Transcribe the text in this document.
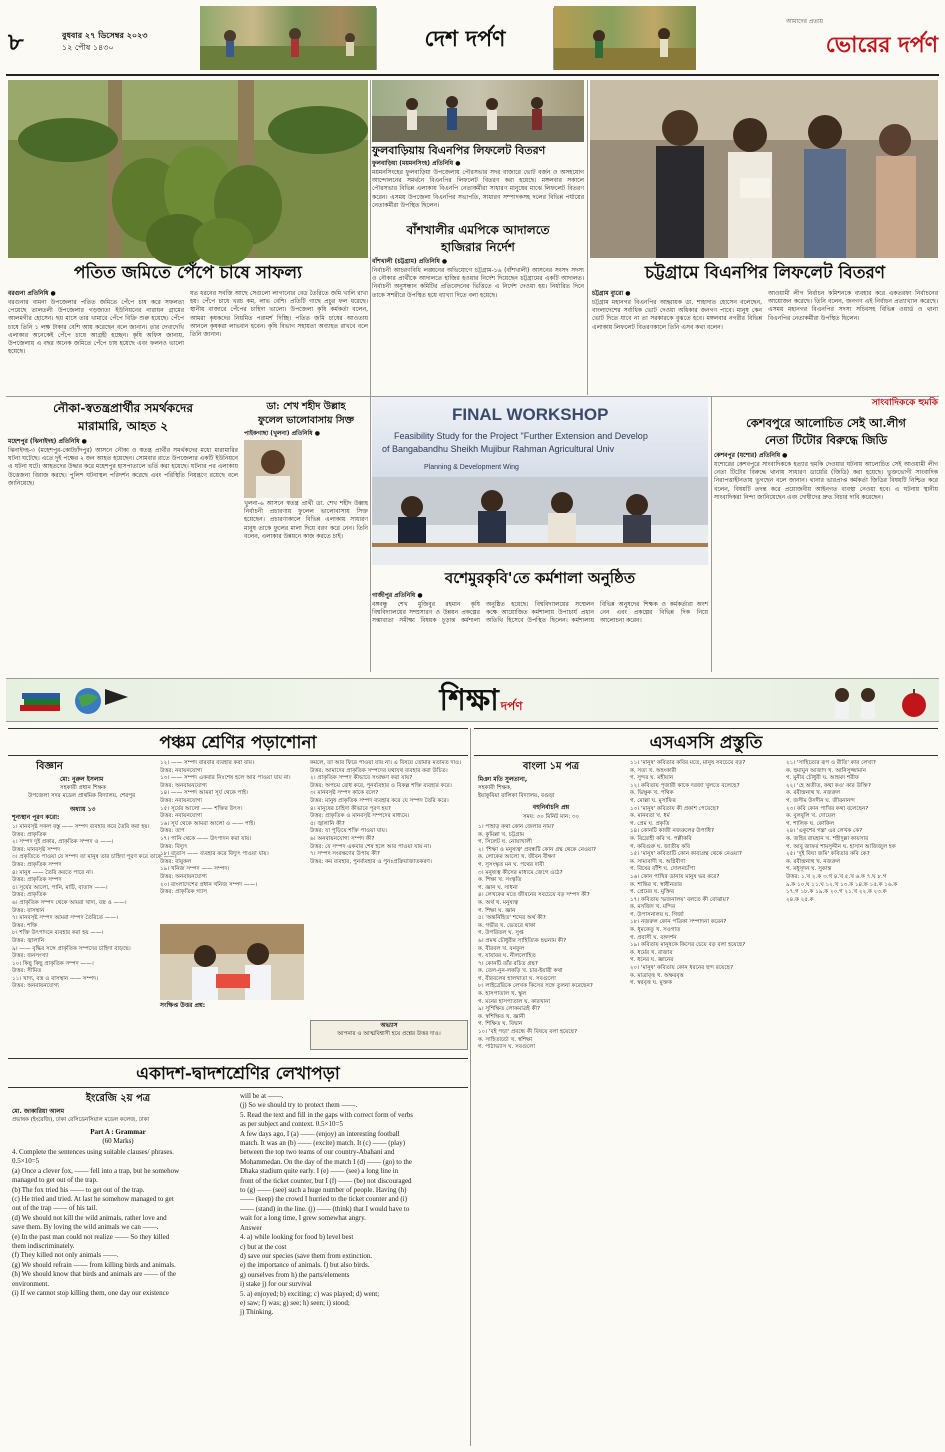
৮	বুধবার ২৭ ডিসেম্বর ২০২৩
১২ পৌষ ১৪৩০	দেশ দর্পণ
আমাদের প্রত্যয়
ভোরের দর্পণ
ফুলবাড়িয়ায় বিএনপির লিফলেট বিতরণ
ফুলবাড়িয়া (ময়মনসিংহ) প্রতিনিধি ●
ময়মনসিংহের ফুলবাড়িয়া উপজেলায় পৌরসভার সদর বাজারে ভোট বর্জন ও অসহযোগ আন্দোলনের সমর্থনে বিএনপির লিফলেট বিতরণ করা হয়েছে। মঙ্গলবার সকালে পৌরসভার বিভিন্ন এলাকায় বিএনপি নেতাকর্মীরা সাধারণ মানুষের মাঝে লিফলেট বিতরণ করেন। এসময় উপজেলা বিএনপির সভাপতি, সাধারণ সম্পাদকসহ দলের বিভিন্ন পর্যায়ের নেতাকর্মীরা উপস্থিত ছিলেন।
বাঁশখালীর এমপিকে আদালতে
হাজিরার নির্দেশ
বাঁশখালী (চট্টগ্রাম) প্রতিনিধি ●
নির্বাচনী আচরণবিধি লঙ্ঘনের অভিযোগে চট্টগ্রাম-১৬ (বাঁশখালী) আসনের সংসদ সদস্য ও নৌকার প্রার্থীকে আদালতে হাজির হওয়ার নির্দেশ দিয়েছেন চট্টগ্রামের একটি আদালত। নির্বাচনী অনুসন্ধান কমিটির প্রতিবেদনের ভিত্তিতে এ নির্দেশ দেওয়া হয়। নির্ধারিত দিনে তাকে সশরীরে উপস্থিত হয়ে ব্যাখ্যা দিতে বলা হয়েছে।
চট্টগ্রামে বিএনপির লিফলেট বিতরণ
চট্টগ্রাম ব্যুরো ●
চট্টগ্রাম মহানগর বিএনপির আহ্বায়ক ডা. শাহাদাত হোসেন বলেছেন, বাংলাদেশের সর্বাধিক ভোট দেওয়া অধিকার জনগণ পাবে। মানুষ কেন ভোট দিতে যাবে না তা সরকারকে বুঝতে হবে। মঙ্গলবার নগরীর বিভিন্ন এলাকায় লিফলেট বিতরণকালে তিনি এসব কথা বলেন।
আওয়ামী লীগ নির্বাচন কমিশনকে ব্যবহার করে একতরফা নির্বাচনের আয়োজন করেছে। তিনি বলেন, জনগণ এই নির্বাচন প্রত্যাখ্যান করেছে। এসময় মহানগর বিএনপির সদস্য সচিবসহ বিভিন্ন ওয়ার্ড ও থানা বিএনপির নেতাকর্মীরা উপস্থিত ছিলেন।
পতিত জমিতে পেঁপে চাষে সাফল্য
বরগুনা প্রতিনিধি ●
বরগুনার বামনা উপজেলার পতিত জমিতে পেঁপে চাষ করে সফলতা পেয়েছে তালতলী উপজেলার গড়জাতা ইউনিয়নের নারায়ন গ্রামের আলমগীর হোসেন। ছয় মাসে তার খামারে পেঁপে বিক্রি শুরু হয়েছে। পেঁপে চাষে তিনি ১ লক্ষ টাকার বেশি আয় করেছেন বলে জানান। তার দেখাদেখি এলাকার অনেকেই পেঁপে চাষে আগ্রহী হচ্ছেন। কৃষি অফিস জানায়, উপজেলায় এ বছর অনেক জমিতে পেঁপে চাষ হয়েছে এবং ফলনও ভালো হয়েছে।
যত ধরনের সবজি আছে সেগুলো লাগানোর বেড তৈরিতে জমি খালি রাখা হয়। পেঁপে চাষে খরচ কম, লাভ বেশি। প্রতিটি গাছে প্রচুর ফল ধরেছে। স্থানীয় বাজারে পেঁপের চাহিদা ভালো। উপজেলা কৃষি কর্মকর্তা বলেন, আমরা কৃষকদের নিয়মিত পরামর্শ দিচ্ছি। পতিত জমি চাষের আওতায় আনলে কৃষকরা লাভবান হবেন। কৃষি বিভাগ সহায়তা অব্যাহত রাখবে বলে তিনি জানান।
সাংবাদিককে হুমকি
কেশবপুরে আলোচিত সেই আ.লীগ
নেতা টিটোর বিরুদ্ধে জিডি
কেশবপুর (যশোর) প্রতিনিধি ●
যশোরের কেশবপুরে সাংবাদিককে হত্যার হুমকি দেওয়ার ঘটনায় আলোচিত সেই আওয়ামী লীগ নেতা টিটোর বিরুদ্ধে থানায় সাধারণ ডায়েরি (জিডি) করা হয়েছে। ভুক্তভোগী সাংবাদিক নিরাপত্তাহীনতায় ভুগছেন বলে জানান। থানার ভারপ্রাপ্ত কর্মকর্তা জিডির বিষয়টি নিশ্চিত করে বলেন, বিষয়টি তদন্ত করে প্রয়োজনীয় আইনগত ব্যবস্থা নেওয়া হবে। এ ঘটনায় স্থানীয় সাংবাদিকরা নিন্দা জানিয়েছেন এবং দোষীদের দ্রুত বিচার দাবি করেছেন।
FINAL WORKSHOP
Feasibility Study for the Project "Further Extension and Develop
of Bangabandhu Sheikh Mujibur Rahman Agricultural Univ
Planning & Development Wing
বশেমুরকৃবি'তে কর্মশালা অনুষ্ঠিত
গাজীপুর প্রতিনিধি ●
বঙ্গবন্ধু শেখ মুজিবুর রহমান কৃষি বিশ্ববিদ্যালয়ের সম্প্রসারণ ও উন্নয়ন প্রকল্পের সম্ভাব্যতা সমীক্ষা বিষয়ক চূড়ান্ত কর্মশালা অনুষ্ঠিত হয়েছে। বিশ্ববিদ্যালয়ের সম্মেলন কক্ষে আয়োজিত কর্মশালায় উপাচার্য প্রধান অতিথি হিসেবে উপস্থিত ছিলেন। কর্মশালায় বিভিন্ন অনুষদের শিক্ষক ও কর্মকর্তারা অংশ নেন এবং প্রকল্পের বিভিন্ন দিক নিয়ে আলোচনা করেন।
নৌকা-স্বতন্ত্রপ্রার্থীর সমর্থকদের
মারামারি, আহত ২
মহেশপুর (ঝিনাইদহ) প্রতিনিধি ●
ঝিনাইদহ-৩ (মহেশপুর-কোটচাঁদপুর) আসনে নৌকা ও স্বতন্ত্র প্রার্থীর সমর্থকদের মধ্যে মারামারির ঘটনা ঘটেছে। এতে দুই পক্ষের ২ জন আহত হয়েছেন। সোমবার রাতে উপজেলার একটি ইউনিয়নে এ ঘটনা ঘটে। আহতদের উদ্ধার করে মহেশপুর হাসপাতালে ভর্তি করা হয়েছে। ঘটনার পর এলাকায় উত্তেজনা বিরাজ করছে। পুলিশ ঘটনাস্থল পরিদর্শন করেছে এবং পরিস্থিতি নিয়ন্ত্রণে রয়েছে বলে জানিয়েছে।
ডা: শেখ শহীদ উল্লাহ
ফুলেল ভালোবাসায় সিক্ত
পাইকগাছা (খুলনা) প্রতিনিধি ●
খুলনা-৬ আসনে স্বতন্ত্র প্রার্থী ডা. শেখ শহীদ উল্লাহ নির্বাচনী প্রচারণায় ফুলেল ভালোবাসায় সিক্ত হয়েছেন। প্রচারণাকালে বিভিন্ন এলাকায় সাধারণ মানুষ তাকে ফুলের মালা দিয়ে বরণ করে নেন। তিনি বলেন, এলাকার উন্নয়নে কাজ করতে চাই।
শিক্ষা দর্পণ
পঞ্চম শ্রেণির পড়াশোনা
বিজ্ঞান
মো: নুরুল ইসলাম
সহকারী প্রধান শিক্ষক
উপজেলা সদর মডেল প্রাথমিক বিদ্যালয়, শেরপুর
অধ্যায় ১৩
শূন্যস্থান পূরণ করো:
১। মানবসৃষ্ট সকল বস্তু —— সম্পদ ব্যবহার করে তৈরি করা হয়।
উত্তর: প্রাকৃতিক
২। সম্পদ দুই প্রকার, প্রাকৃতিক সম্পদ ও ——।
উত্তর: মানবসৃষ্ট সম্পদ
৩। প্রকৃতিতে পাওয়া যে সম্পদ তা মানুষ তার চাহিদা পূরণ করে তাকে ——।
উত্তর: প্রাকৃতিক সম্পদ
৪। মানুষ —— তৈরি করতে পারে না।
উত্তর: প্রাকৃতিক সম্পদ
৫। সূর্যের আলো, পানি, মাটি, বাতাস ——।
উত্তর: প্রাকৃতিক
৬। প্রাকৃতিক সম্পদ থেকে আমরা খাদ্য, বস্ত্র ও ——।
উত্তর: বাসস্থান
৭। মানবসৃষ্ট সম্পদ আমরা সম্পদ তৈরিতে ——।
উত্তর: শক্তি
৮। শক্তি উৎপাদনে ব্যবহার করা হয় ——।
উত্তর: জ্বালানি
৯। —— বৃদ্ধির সঙ্গে প্রাকৃতিক সম্পদের চাহিদা বাড়ছে।
উত্তর: জনসংখ্যা
১০। কিছু কিছু প্রাকৃতিক সম্পদ ——।
উত্তর: সীমিত
১১। খাদ্য, বস্ত্র ও বাসস্থান —— সম্পদ।
উত্তর: অনবায়নযোগ্য
১২। —— সম্পদ বারবার ব্যবহার করা যায়।
উত্তর: নবায়নযোগ্য
১৩। —— সম্পদ একবার নিঃশেষ হলে আর পাওয়া যায় না।
উত্তর: অনবায়নযোগ্য
১৪। —— সম্পদ আমরা সূর্য থেকে পাই।
উত্তর: নবায়নযোগ্য
১৫। সূর্যের আলো —— শক্তির উৎস।
উত্তর: নবায়নযোগ্য
১৬। সূর্য থেকে আমরা আলো ও —— পাই।
উত্তর: তাপ
১৭। পানি থেকে —— উৎপাদন করা যায়।
উত্তর: বিদ্যুৎ
১৮। বাতাস —— ব্যবহার করে বিদ্যুৎ পাওয়া যায়।
উত্তর: বায়ুকল
১৯। খনিজ সম্পদ —— সম্পদ।
উত্তর: অনবায়নযোগ্য
২০। বাংলাদেশের প্রধান খনিজ সম্পদ ——।
উত্তর: প্রাকৃতিক গ্যাস
কমলে, তা আর ফিরে পাওয়া যায় না। এ বিষয়ে তোমার মতামত দাও।
উত্তর: আমাদের প্রাকৃতিক সম্পদের যথাযথ ব্যবহার করা উচিত।
২। প্রাকৃতিক সম্পদ কীভাবে সংরক্ষণ করা যায়?
উত্তর: অপচয় রোধ করে, পুনর্ব্যবহার ও বিকল্প শক্তি ব্যবহার করে।
৩। মানবসৃষ্ট সম্পদ কাকে বলে?
উত্তর: মানুষ প্রাকৃতিক সম্পদ ব্যবহার করে যে সম্পদ তৈরি করে।
৪। মানুষের চাহিদা কীভাবে পূরণ হয়?
উত্তর: প্রাকৃতিক ও মানবসৃষ্ট সম্পদের মাধ্যমে।
৫। জ্বালানি কী?
উত্তর: যা পুড়িয়ে শক্তি পাওয়া যায়।
৬। অনবায়নযোগ্য সম্পদ কী?
উত্তর: যে সম্পদ একবার শেষ হলে আর পাওয়া যায় না।
৭। সম্পদ সংরক্ষণের উপায় কী?
উত্তর: কম ব্যবহার, পুনর্ব্যবহার ও পুনঃপ্রক্রিয়াজাতকরণ।
সংক্ষিপ্ত উত্তর প্রশ্ন:
অভ্যাস
আপনার ও আত্মবিশ্বাসী হয়ে প্রশ্নের উত্তর দাও।
একাদশ-দ্বাদশশ্রেণির লেখাপড়া
ইংরেজি ২য় পত্র
মো. জাকারিয়া আলম
প্রভাষক (ইংরেজি), ঢাকা রেসিডেনসিয়াল মডেল কলেজ, ঢাকা
Part A : Grammar
(60 Marks)
4. Complete the sentences using suitable clauses/ phrases.
0.5×10=5
(a) Once a clever fox, —— fell into a trap, but he somehow
managed to get out of the trap.
(b) The fox tried his —— to get out of the trap.
(c) He tried and tried. At last he somehow managed to get
out of the trap —— of his tail.
(d) We should not kill the wild animals, rather love and
save them. By loving the wild animals we can ——.
(e) In the past man could not realize —— So they killed
them indiscriminately.
(f) They killed not only animals ——.
(g) We should refrain —— from killing birds and animals.
(h) We should know that birds and animals are —— of the
environment.
(i) If we cannot stop killing them, one day our existence
will be at ——.
(j) So we should try to protect them ——.
5. Read the text and fill in the gaps with correct form of verbs
as per subject and context. 0.5×10=5
A few days ago, I (a) —— (enjoy) an interesting football
match. It was an (b) —— (excite) match. It (c) —— (play)
between the top two teams of our country-Abahani and
Mohammedan. On the day of the match I (d) —— (go) to the
Dhaka stadium quite early. I (e) —— (see) a long line in
front of the ticket counter, but I (f) —— (be) not discouraged
to (g) —— (see) such a huge number of people. Having (h)
—— (keep) the crowd I hurried to the ticket counter and (i)
—— (stand) in the line. (j) —— (think) that I would have to
wait for a long time, I grew somewhat angry.
Answer
4. a) while looking for food b) level best
c) but at the cost
d) save our species (save them from extinction.
e) the importance of animals. f) but also birds.
g) ourselves from h) the parts/elements
i) stake j) for our survival
5. a) enjoyed; b) exciting; c) was played; d) went;
e) saw; f) was; g) see; h) seen; i) stood;
j) Thinking.
এসএসসি প্রস্তুতি
বাংলা ১ম পত্র
মিঞা মতি সুলতানা,
সহকারী শিক্ষক,
ইয়াকুবিয়া বালিকা বিদ্যালয়, বগুড়া
বহুনির্বাচনি প্রশ্ন
সময়: ৩০ মিনিট মান: ৩০
১। পাহাড় কথা কোন জেলার নাম?
ক. কুমিল্লা খ. চট্টগ্রাম
গ. সিলেট ঘ. নোয়াখালী
২। 'শিক্ষা ও মনুষ্যত্ব' প্রবন্ধটি কোন গ্রন্থ থেকে নেওয়া?
ক. লোকের আলো খ. জীবন বীক্ষণ
গ. সুসংস্কৃত মন ঘ. পথের দাবী
৩। মনুষ্যত্ব কীসের মাধ্যমে জেগে ওঠে?
ক. শিক্ষা খ. সংস্কৃতি
গ. জ্ঞান ঘ. সাধনা
৪। লেখকের মতে জীবনের সবচেয়ে বড় সম্পদ কী?
ক. অর্থ খ. মনুষ্যত্ব
গ. শিক্ষা ঘ. জ্ঞান
৫। 'অন্তর্নিহিত' শব্দের অর্থ কী?
ক. গভীর খ. ভেতরে থাকা
গ. উপরিতল ঘ. সুপ্ত
৬। প্রমথ চৌধুরীর সাহিত্যিক ছদ্মনাম কী?
ক. বীরবল খ. বনফুল
গ. যাযাবর ঘ. নীললোহিত
৭। কোনটি তাঁর রচিত গ্রন্থ?
ক. তেল-নুন-লকড়ি খ. চার-ইয়ারী কথা
গ. বীরবলের হালখাতা ঘ. সবগুলো
৮। লাইব্রেরিকে লেখক কিসের সঙ্গে তুলনা করেছেন?
ক. হাসপাতাল খ. স্কুল
গ. মনের হাসপাতাল ঘ. কারখানা
৯। সুশিক্ষিত লোকমাত্রই কী?
ক. স্বশিক্ষিত খ. জ্ঞানী
গ. শিক্ষিত ঘ. বিদ্বান
১০। 'বই পড়া' প্রবন্ধে কী বিষয়ে বলা হয়েছে?
ক. সাহিত্যচর্চা খ. স্বশিক্ষা
গ. পাঠাভ্যাস ঘ. সবগুলো
১১। 'মানুষ' কবিতার কবির মতে, মানুষ সবচেয়ে বড়?
ক. সত্য খ. অহংকারী
গ. সুন্দর ঘ. মহীয়ান
১২। কবিতায় পূজারী কাকে দরজা খুলতে বলেছে?
ক. ভিক্ষুক খ. পথিক
গ. মোল্লা ঘ. মুসাফির
১৩। 'মানুষ' কবিতায় কী প্রকাশ পেয়েছে?
ক. মানবতা খ. ধর্ম
গ. প্রেম ঘ. প্রকৃতি
১৪। কোনটি কাজী নজরুলের উপাধি?
ক. বিদ্রোহী কবি খ. পল্লীকবি
গ. কবিগুরু ঘ. জাতীয় কবি
১৫। 'মানুষ' কবিতাটি কোন কাব্যগ্রন্থ থেকে নেওয়া?
ক. সাম্যবাদী খ. অগ্নিবীণা
গ. বিষের বাঁশি ঘ. দোলনচাঁপা
১৬। কোন পাখির ডানায় মানুষ ভর করে?
ক. শান্তির খ. স্বাধীনতার
গ. প্রেমের ঘ. মুক্তির
১৭। কবিতায় 'ভজনালয়' বলতে কী বোঝায়?
ক. মসজিদ খ. মন্দির
গ. উপাসনালয় ঘ. গির্জা
১৮। নজরুল কোন পত্রিকা সম্পাদনা করেন?
ক. ধূমকেতু খ. সওগাত
গ. প্রবাসী ঘ. বঙ্গদর্শন
১৯। কবিতায় মানুষকে কিসের চেয়ে বড় বলা হয়েছে?
ক. ধর্মের খ. রাজার
গ. ধনের ঘ. জ্ঞানের
২০। 'মানুষ' কবিতায় কোন ধরনের ছন্দ রয়েছে?
ক. মাত্রাবৃত্ত খ. অক্ষরবৃত্ত
গ. স্বরবৃত্ত ঘ. মুক্তক
২১। 'সাহিত্যের রূপ ও রীতি' কার লেখা?
ক. হুমায়ুন আজাদ খ. আনিসুজ্জামান
গ. মুনীর চৌধুরী ঘ. আহমদ শরীফ
২২। 'হে অতীত, কথা কও' কার উক্তি?
ক. রবীন্দ্রনাথ খ. নজরুল
গ. জসীম উদদীন ঘ. জীবনানন্দ
২৩। কবি কোন পাখির কথা বলেছেন?
ক. বুলবুলি খ. দোয়েল
গ. শালিক ঘ. কোকিল
২৪। 'একুশের গল্প' এর লেখক কে?
ক. জহির রায়হান খ. শহীদুল্লা কায়সার
গ. আবু জাফর শামসুদ্দীন ঘ. হাসান আজিজুল হক
২৫। 'দুই বিঘা জমি' কবিতার কবি কে?
ক. রবীন্দ্রনাথ খ. নজরুল
গ. মধুসূদন ঘ. সুকান্ত
উত্তর: ১.খ ২.ক ৩.গ ৪.খ ৫.খ ৬.ক ৭.ঘ ৮.গ
৯.ক ১০.ঘ ১১.ঘ ১২.খ ১৩.ক ১৪.ক ১৫.ক ১৬.ক
১৭.গ ১৮.ক ১৯.ক ২০.গ ২১.খ ২২.ক ২৩.ক
২৪.ক ২৫.ক
